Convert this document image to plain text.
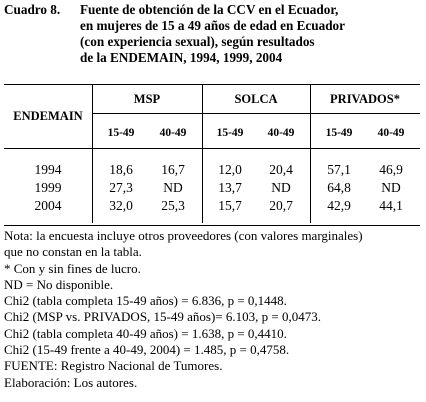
Cuadro 8. Fuente de obtención de la CCV en el Ecuador,
en mujeres de 15 a 49 años de edad en Ecuador
(con experiencia sexual), según resultados
de la ENDEMAIN, 1994, 1999, 2004
ENDEMAIN
MSP	SOLCA	PRIVADOS*
15-49	40-49	15-49	40-49	15-49	40-49
1994	18,6	16,7	12,0	20,4	57,1	46,9
1999	27,3	ND	13,7	ND	64,8	ND
2004	32,0	25,3	15,7	20,7	42,9	44,1
Nota: la encuesta incluye otros proveedores (con valores marginales)
que no constan en la tabla.
* Con y sin fines de lucro.
ND = No disponible.
Chi2 (tabla completa 15-49 años) = 6.836, p = 0,1448.
Chi2 (MSP vs. PRIVADOS, 15-49 años)= 6.103, p = 0,0473.
Chi2 (tabla completa 40-49 años) = 1.638, p = 0,4410.
Chi2 (15-49 frente a 40-49, 2004) = 1.485, p = 0,4758.
FUENTE: Registro Nacional de Tumores.
Elaboración: Los autores.
